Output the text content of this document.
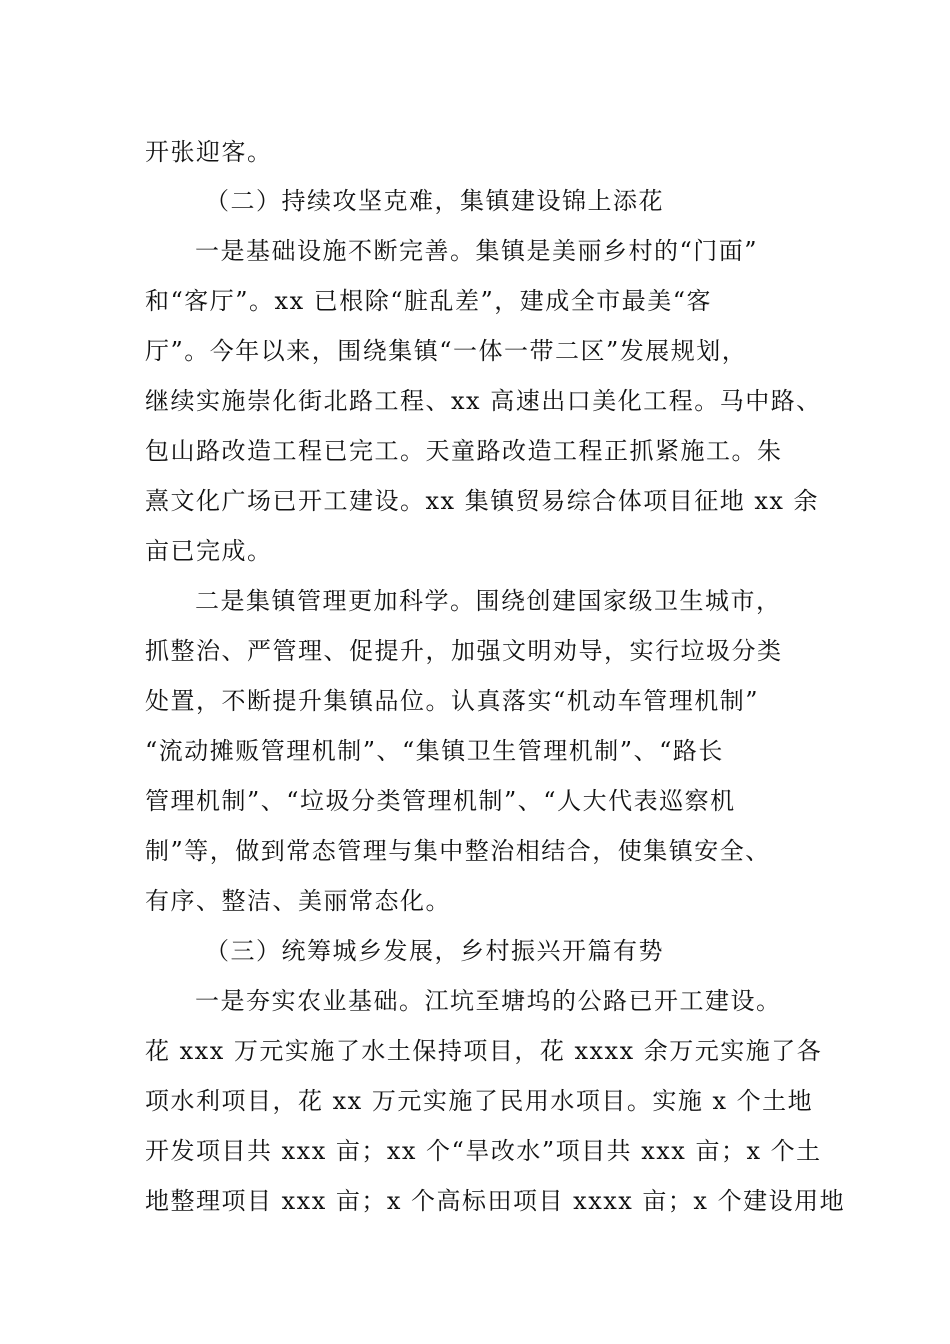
开张迎客。
（二）持续攻坚克难，集镇建设锦上添花
一是基础设施不断完善。集镇是美丽乡村的“门面”
和“客厅”。xx 已根除“脏乱差”，建成全市最美“客
厅”。今年以来，围绕集镇“一体一带二区”发展规划，
继续实施崇化街北路工程、xx 高速出口美化工程。马中路、
包山路改造工程已完工。天童路改造工程正抓紧施工。朱
熹文化广场已开工建设。xx 集镇贸易综合体项目征地 xx 余
亩已完成。
二是集镇管理更加科学。围绕创建国家级卫生城市，
抓整治、严管理、促提升，加强文明劝导，实行垃圾分类
处置，不断提升集镇品位。认真落实“机动车管理机制”
“流动摊贩管理机制”、“集镇卫生管理机制”、“路长
管理机制”、“垃圾分类管理机制”、“人大代表巡察机
制”等，做到常态管理与集中整治相结合，使集镇安全、
有序、整洁、美丽常态化。
（三）统筹城乡发展，乡村振兴开篇有势
一是夯实农业基础。江坑至塘坞的公路已开工建设。
花 xxx 万元实施了水土保持项目，花 xxxx 余万元实施了各
项水利项目，花 xx 万元实施了民用水项目。实施 x 个土地
开发项目共 xxx 亩；xx 个“旱改水”项目共 xxx 亩；x 个土
地整理项目 xxx 亩；x 个高标田项目 xxxx 亩；x 个建设用地
